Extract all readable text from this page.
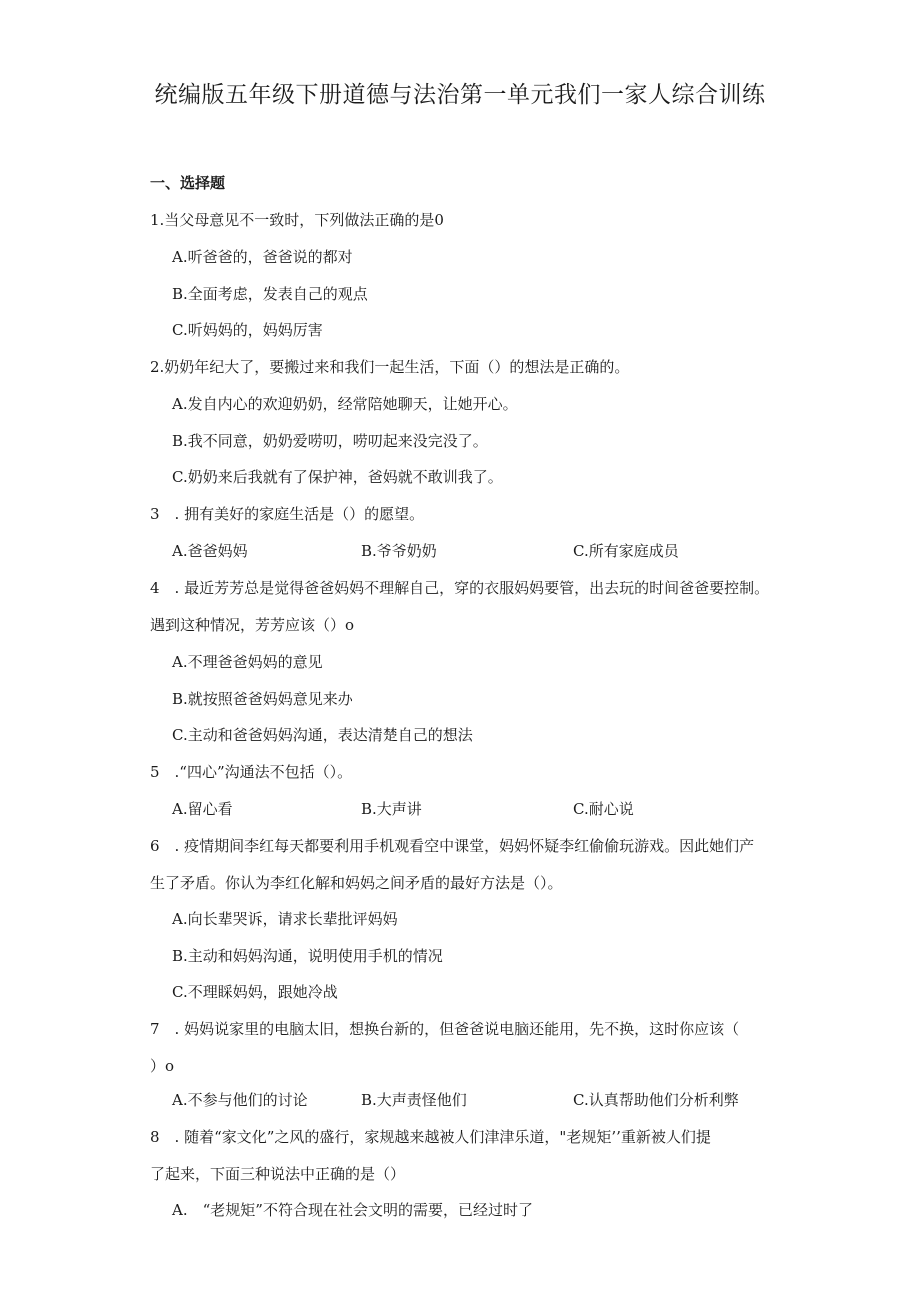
统编版五年级下册道德与法治第一单元我们一家人综合训练
一、选择题
1.当父母意见不一致时，下列做法正确的是0
A.听爸爸的，爸爸说的都对
B.全面考虑，发表自己的观点
C.听妈妈的，妈妈厉害
2.奶奶年纪大了，要搬过来和我们一起生活，下面（）的想法是正确的。
A.发自内心的欢迎奶奶，经常陪她聊天，让她开心。
B.我不同意，奶奶爱唠叨，唠叨起来没完没了。
C.奶奶来后我就有了保护神，爸妈就不敢训我了。
3　. 拥有美好的家庭生活是（）的愿望。
A.爸爸妈妈	B.爷爷奶奶	C.所有家庭成员
4　. 最近芳芳总是觉得爸爸妈妈不理解自己，穿的衣服妈妈要管，出去玩的时间爸爸要控制。
遇到这种情况，芳芳应该（）o
A.不理爸爸妈妈的意见
B.就按照爸爸妈妈意见来办
C.主动和爸爸妈妈沟通，表达清楚自己的想法
5　.“四心”沟通法不包括（）。
A.留心看	B.大声讲	C.耐心说
6　. 疫情期间李红每天都要利用手机观看空中课堂，妈妈怀疑李红偷偷玩游戏。因此她们产
生了矛盾。你认为李红化解和妈妈之间矛盾的最好方法是（）。
A.向长辈哭诉，请求长辈批评妈妈
B.主动和妈妈沟通，说明使用手机的情况
C.不理睬妈妈，跟她冷战
7　. 妈妈说家里的电脑太旧，想换台新的，但爸爸说电脑还能用，先不换，这时你应该（
）o
A.不参与他们的讨论	B.大声责怪他们	C.认真帮助他们分析利弊
8　. 随着“家文化”之风的盛行，家规越来越被人们津津乐道，"老规矩’’重新被人们提
了起来，下面三种说法中正确的是（）
A.　“老规矩”不符合现在社会文明的需要，已经过时了
